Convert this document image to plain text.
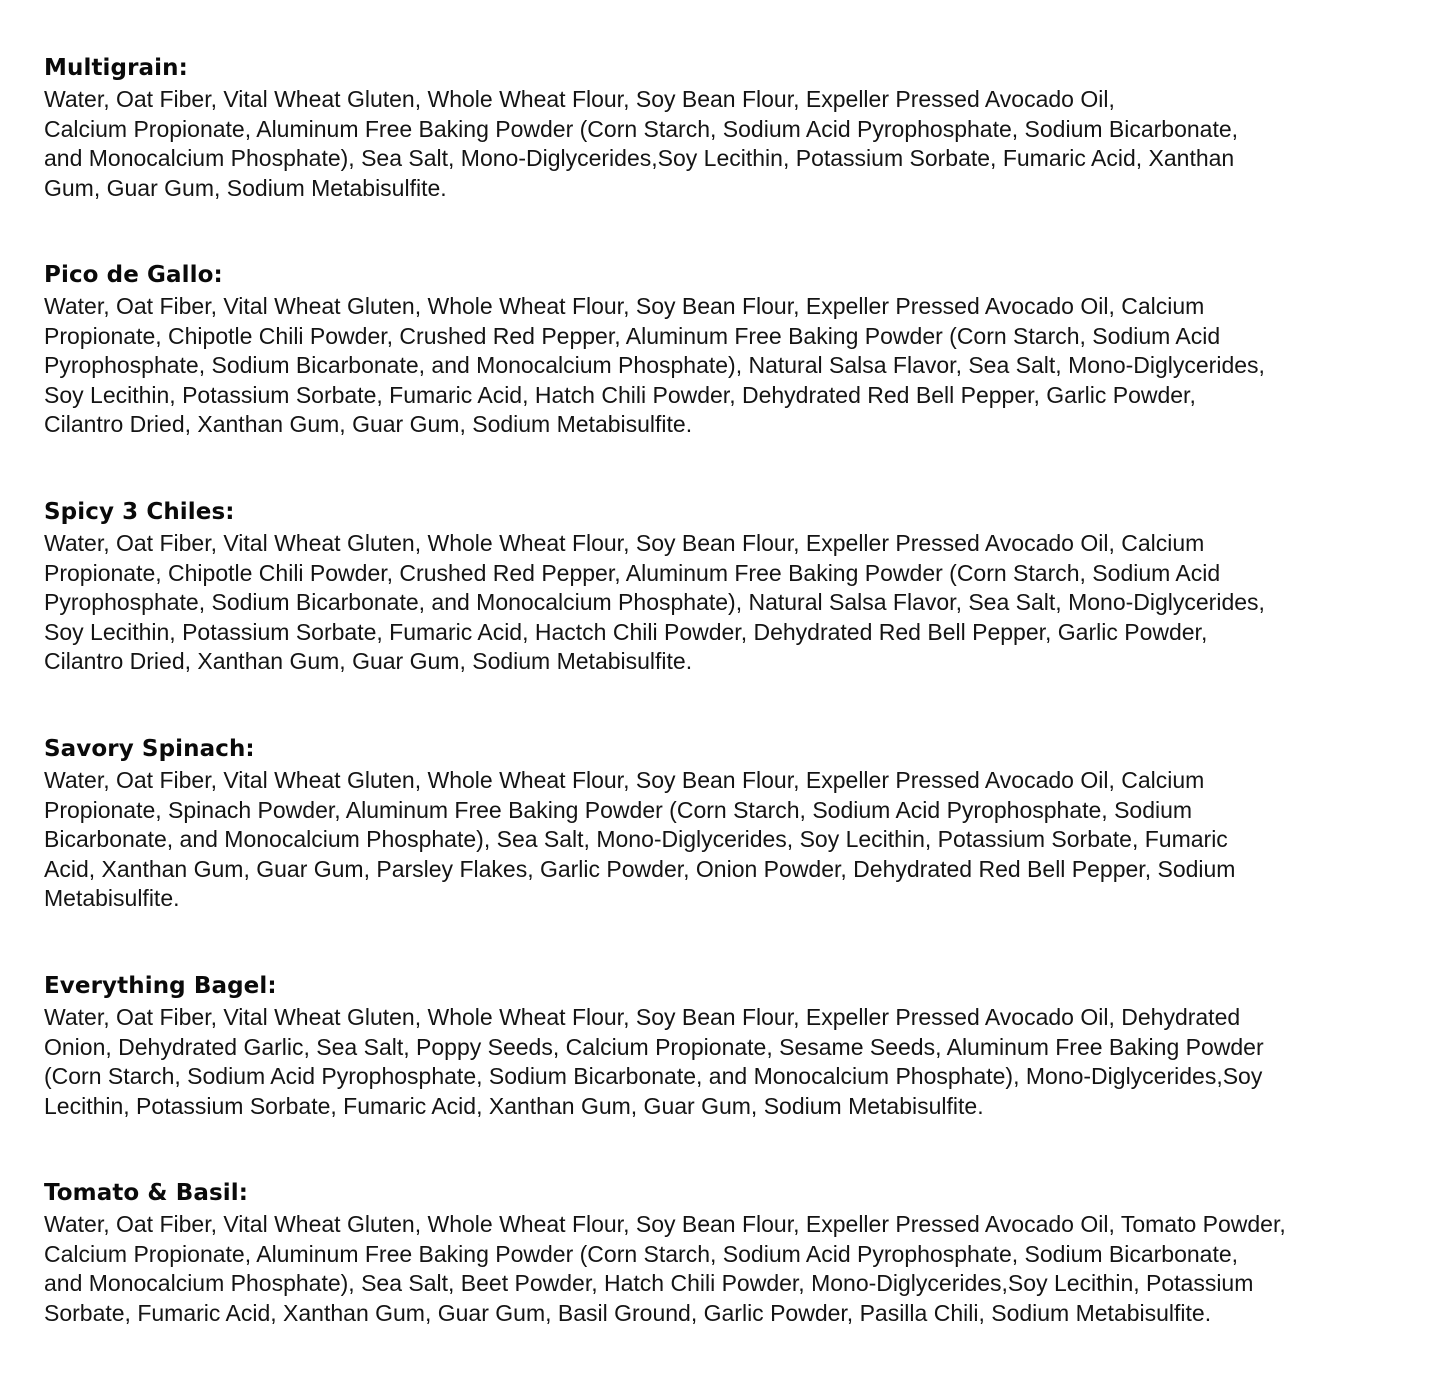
Multigrain:

Water, Oat Fiber, Vital Wheat Gluten, Whole Wheat Flour, Soy Bean Flour, Expeller Pressed Avocado Oil,
Calcium Propionate, Aluminum Free Baking Powder (Corn Starch, Sodium Acid Pyrophosphate, Sodium Bicarbonate,
and Monocalcium Phosphate), Sea Salt, Mono-Diglycerides,Soy Lecithin, Potassium Sorbate, Fumaric Acid, Xanthan
Gum, Guar Gum, Sodium Metabisulfite.

Pico de Gallo:

Water, Oat Fiber, Vital Wheat Gluten, Whole Wheat Flour, Soy Bean Flour, Expeller Pressed Avocado Oil, Calcium
Propionate, Chipotle Chili Powder, Crushed Red Pepper, Aluminum Free Baking Powder (Corn Starch, Sodium Acid
Pyrophosphate, Sodium Bicarbonate, and Monocalcium Phosphate), Natural Salsa Flavor, Sea Salt, Mono-Diglycerides,
Soy Lecithin, Potassium Sorbate, Fumaric Acid, Hatch Chili Powder, Dehydrated Red Bell Pepper, Garlic Powder,
Cilantro Dried, Xanthan Gum, Guar Gum, Sodium Metabisulfite.

Spicy 3 Chiles:

Water, Oat Fiber, Vital Wheat Gluten, Whole Wheat Flour, Soy Bean Flour, Expeller Pressed Avocado Oil, Calcium
Propionate, Chipotle Chili Powder, Crushed Red Pepper, Aluminum Free Baking Powder (Corn Starch, Sodium Acid
Pyrophosphate, Sodium Bicarbonate, and Monocalcium Phosphate), Natural Salsa Flavor, Sea Salt, Mono-Diglycerides,
Soy Lecithin, Potassium Sorbate, Fumaric Acid, Hactch Chili Powder, Dehydrated Red Bell Pepper, Garlic Powder,
Cilantro Dried, Xanthan Gum, Guar Gum, Sodium Metabisulfite.

Savory Spinach:

Water, Oat Fiber, Vital Wheat Gluten, Whole Wheat Flour, Soy Bean Flour, Expeller Pressed Avocado Oil, Calcium
Propionate, Spinach Powder, Aluminum Free Baking Powder (Corn Starch, Sodium Acid Pyrophosphate, Sodium
Bicarbonate, and Monocalcium Phosphate), Sea Salt, Mono-Diglycerides, Soy Lecithin, Potassium Sorbate, Fumaric
Acid, Xanthan Gum, Guar Gum, Parsley Flakes, Garlic Powder, Onion Powder, Dehydrated Red Bell Pepper, Sodium
Metabisulfite.

Everything Bagel:

Water, Oat Fiber, Vital Wheat Gluten, Whole Wheat Flour, Soy Bean Flour, Expeller Pressed Avocado Oil, Dehydrated
Onion, Dehydrated Garlic, Sea Salt, Poppy Seeds, Calcium Propionate, Sesame Seeds, Aluminum Free Baking Powder
(Corn Starch, Sodium Acid Pyrophosphate, Sodium Bicarbonate, and Monocalcium Phosphate), Mono-Diglycerides,Soy
Lecithin, Potassium Sorbate, Fumaric Acid, Xanthan Gum, Guar Gum, Sodium Metabisulfite.

Tomato & Basil:

Water, Oat Fiber, Vital Wheat Gluten, Whole Wheat Flour, Soy Bean Flour, Expeller Pressed Avocado Oil, Tomato Powder,
Calcium Propionate, Aluminum Free Baking Powder (Corn Starch, Sodium Acid Pyrophosphate, Sodium Bicarbonate,
and Monocalcium Phosphate), Sea Salt, Beet Powder, Hatch Chili Powder, Mono-Diglycerides,Soy Lecithin, Potassium
Sorbate, Fumaric Acid, Xanthan Gum, Guar Gum, Basil Ground, Garlic Powder, Pasilla Chili, Sodium Metabisulfite.
